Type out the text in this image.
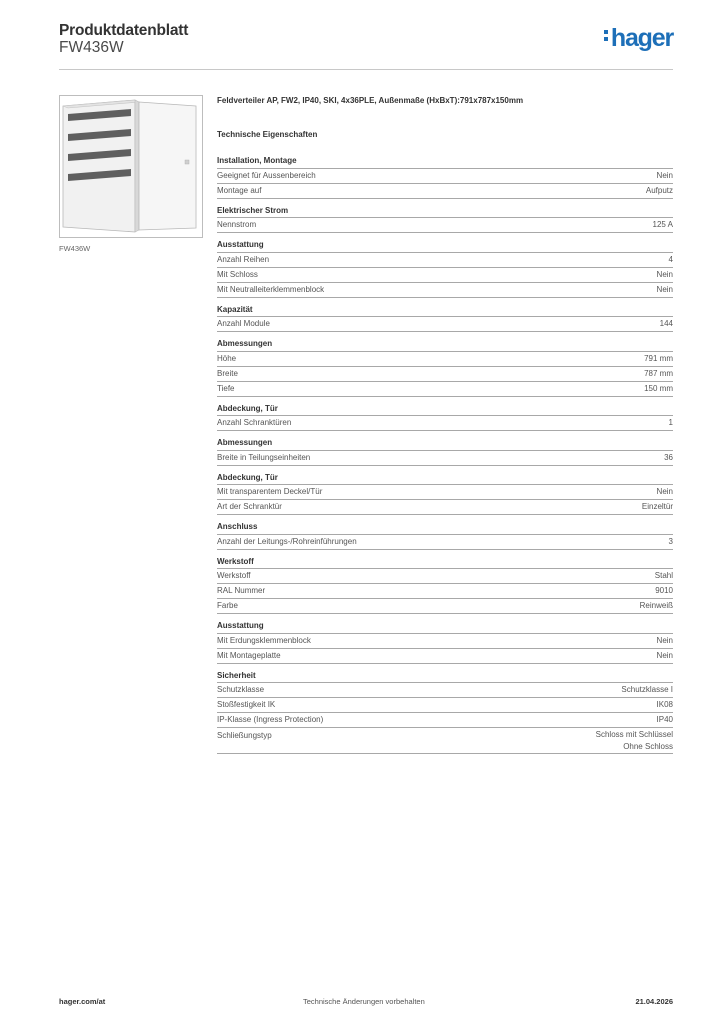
Produktdatenblatt
FW436W	hager
FW436W
Feldverteiler AP, FW2, IP40, SKI, 4x36PLE, Außenmaße (HxBxT):791x787x150mm
Technische Eigenschaften
Installation, Montage
Geeignet für Aussenbereich	Nein
Montage auf	Aufputz
Elektrischer Strom
Nennstrom	125 A
Ausstattung
Anzahl Reihen	4
Mit Schloss	Nein
Mit Neutralleiterklemmenblock	Nein
Kapazität
Anzahl Module	144
Abmessungen
Höhe	791 mm
Breite	787 mm
Tiefe	150 mm
Abdeckung, Tür
Anzahl Schranktüren	1
Abmessungen
Breite in Teilungseinheiten	36
Abdeckung, Tür
Mit transparentem Deckel/Tür	Nein
Art der Schranktür	Einzeltür
Anschluss
Anzahl der Leitungs-/Rohreinführungen	3
Werkstoff
Werkstoff	Stahl
RAL Nummer	9010
Farbe	Reinweiß
Ausstattung
Mit Erdungsklemmenblock	Nein
Mit Montageplatte	Nein
Sicherheit
Schutzklasse	Schutzklasse I
Stoßfestigkeit IK	IK08
IP-Klasse (Ingress Protection)	IP40
Schließungstyp	Schloss mit Schlüssel
Ohne Schloss
hager.com/at	Technische Änderungen vorbehalten	21.04.2026
